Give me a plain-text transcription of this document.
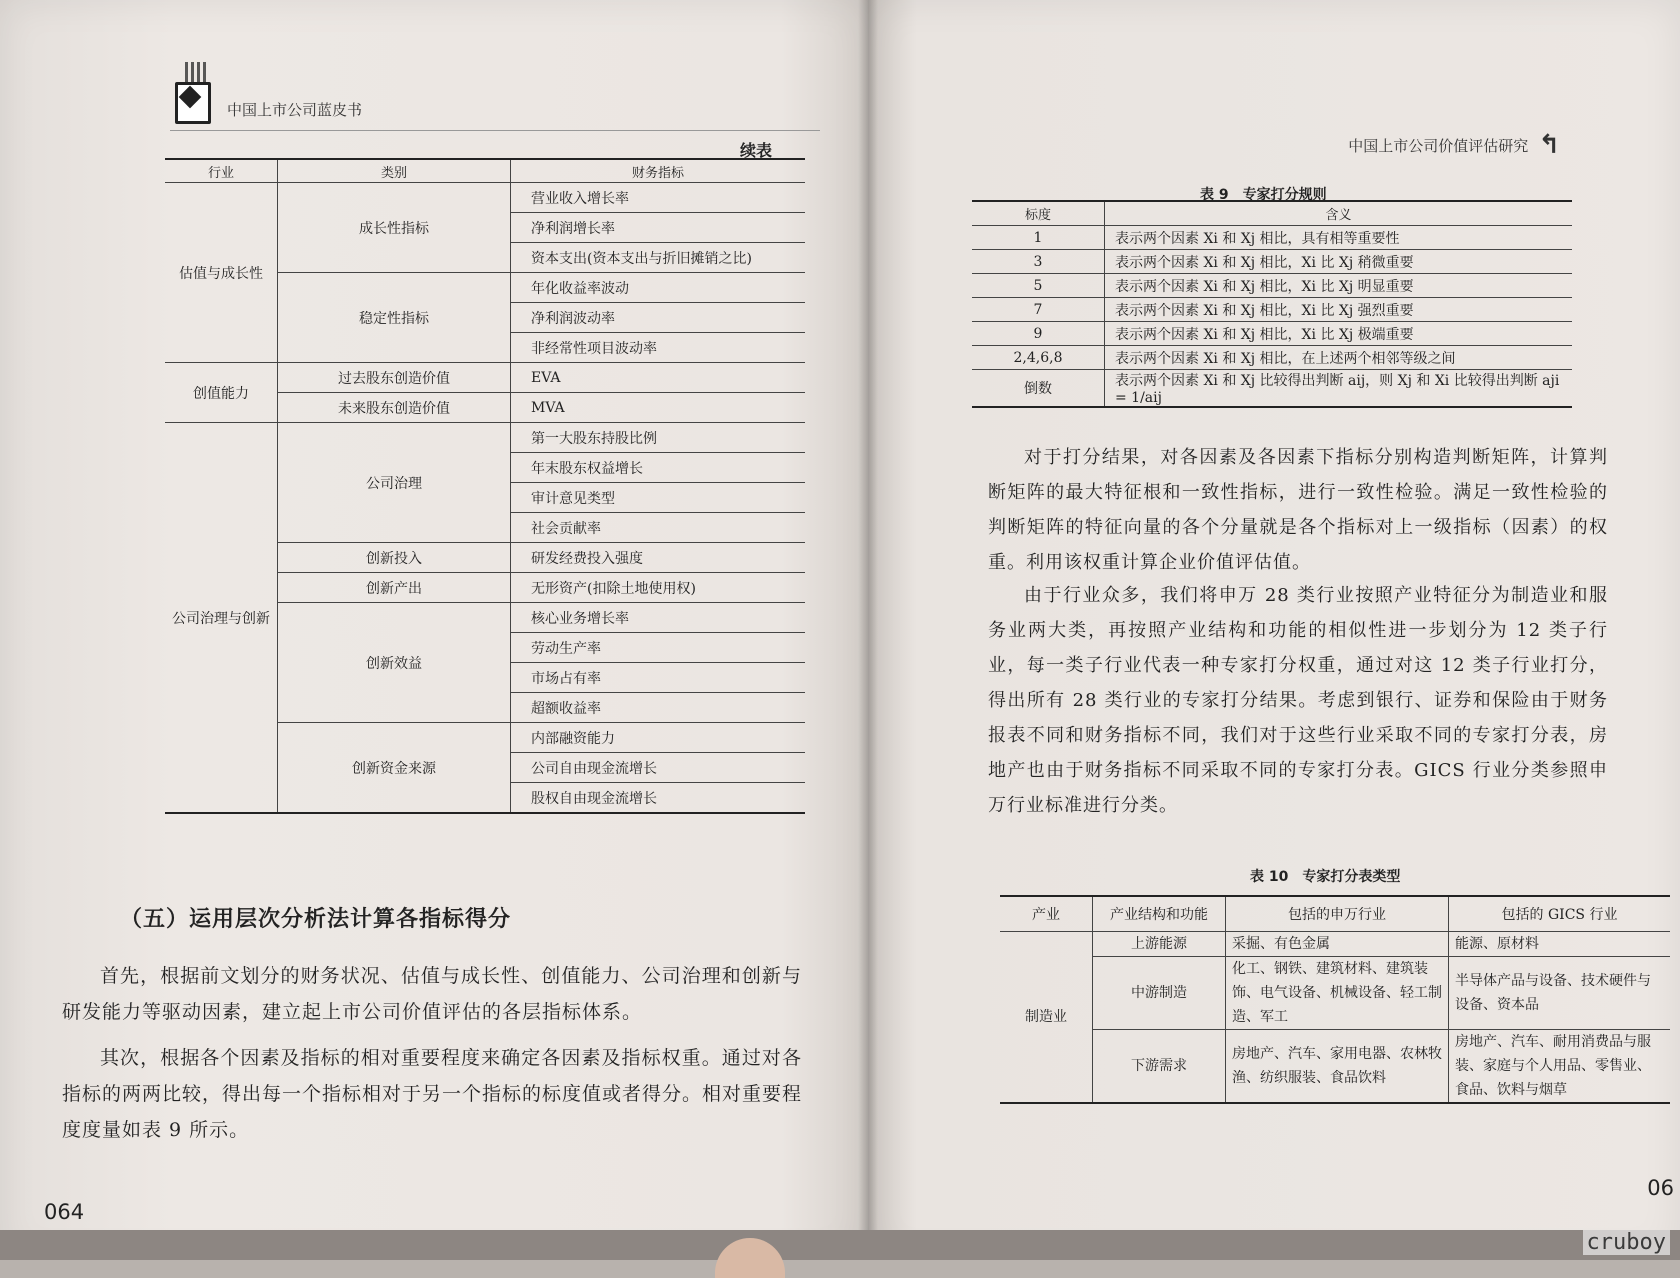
中国上市公司蓝皮书
续表
行业	类别	财务指标
估值与成长性	成长性指标	营业收入增长率
		净利润增长率
		资本支出(资本支出与折旧摊销之比)
	稳定性指标	年化收益率波动
		净利润波动率
		非经常性项目波动率
创值能力	过去股东创造价值	EVA
	未来股东创造价值	MVA
公司治理与创新	公司治理	第一大股东持股比例
		年末股东权益增长
		审计意见类型
		社会贡献率
	创新投入	研发经费投入强度
	创新产出	无形资产(扣除土地使用权)
	创新效益	核心业务增长率
		劳动生产率
		市场占有率
		超额收益率
	创新资金来源	内部融资能力
		公司自由现金流增长
		股权自由现金流增长
（五）运用层次分析法计算各指标得分

首先，根据前文划分的财务状况、估值与成长性、创值能力、公司治理和创新与研发能力等驱动因素，建立起上市公司价值评估的各层指标体系。

其次，根据各个因素及指标的相对重要程度来确定各因素及指标权重。通过对各指标的两两比较，得出每一个指标相对于另一个指标的标度值或者得分。相对重要程度度量如表 9 所示。

064
中国上市公司价值评估研究 ↰
表 9　专家打分规则
标度	含义
1	表示两个因素 Xi 和 Xj 相比，具有相等重要性
3	表示两个因素 Xi 和 Xj 相比，Xi 比 Xj 稍微重要
5	表示两个因素 Xi 和 Xj 相比，Xi 比 Xj 明显重要
7	表示两个因素 Xi 和 Xj 相比，Xi 比 Xj 强烈重要
9	表示两个因素 Xi 和 Xj 相比，Xi 比 Xj 极端重要
2,4,6,8	表示两个因素 Xi 和 Xj 相比，在上述两个相邻等级之间
倒数	表示两个因素 Xi 和 Xj 比较得出判断 aij，则 Xj 和 Xi 比较得出判断 aji = 1/aij

对于打分结果，对各因素及各因素下指标分别构造判断矩阵，计算判断矩阵的最大特征根和一致性指标，进行一致性检验。满足一致性检验的判断矩阵的特征向量的各个分量就是各个指标对上一级指标（因素）的权重。利用该权重计算企业价值评估值。

由于行业众多，我们将申万 28 类行业按照产业特征分为制造业和服务业两大类，再按照产业结构和功能的相似性进一步划分为 12 类子行业，每一类子行业代表一种专家打分权重，通过对这 12 类子行业打分，得出所有 28 类行业的专家打分结果。考虑到银行、证券和保险由于财务报表不同和财务指标不同，我们对于这些行业采取不同的专家打分表，房地产也由于财务指标不同采取不同的专家打分表。GICS 行业分类参照申万行业标准进行分类。

表 10　专家打分表类型
产业	产业结构和功能	包括的申万行业	包括的 GICS 行业
制造业	上游能源	采掘、有色金属	能源、原材料
	中游制造	化工、钢铁、建筑材料、建筑装饰、电气设备、机械设备、轻工制造、军工	半导体产品与设备、技术硬件与设备、资本品
	下游需求	房地产、汽车、家用电器、农林牧渔、纺织服装、食品饮料	房地产、汽车、耐用消费品与服装、家庭与个人用品、零售业、食品、饮料与烟草
06
cruboy
